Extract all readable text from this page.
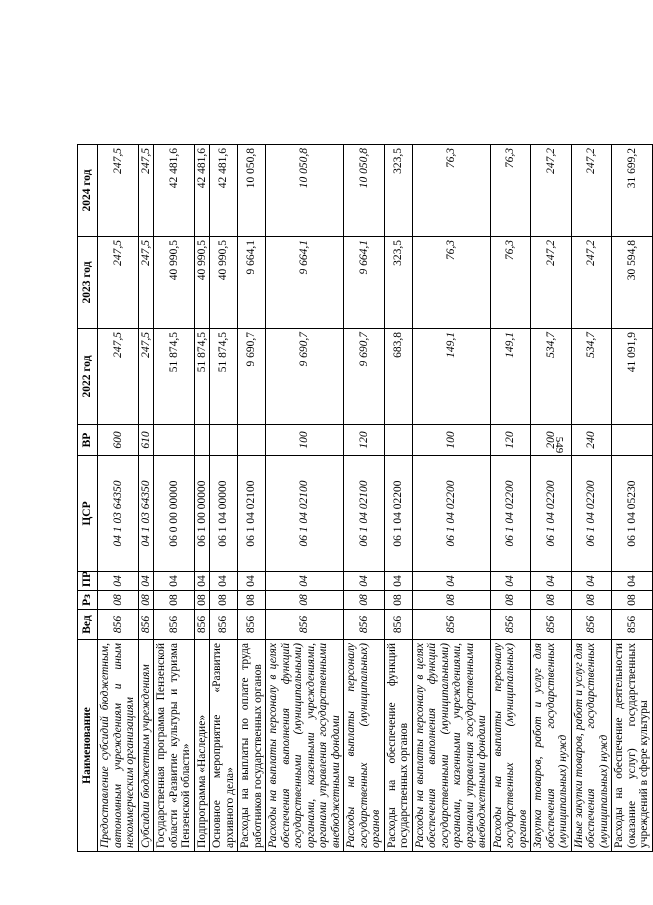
549
Наименование	Вед	Рз	ПР	ЦСР	ВР	2022 год	2023 год	2024 год
Предоставление субсидий бюджетным, автономным учреждениям и иным некоммерческим организациям	856	08	04	04 1 03 64350	600	247,5	247,5	247,5
Субсидии бюджетным учреждениям	856	08	04	04 1 03 64350	610	247,5	247,5	247,5
Государственная программа Пензенской области «Развитие культуры и туризма Пензенской области»	856	08	04	06 0 00 00000		51 874,5	40 990,5	42 481,6
Подпрограмма «Наследие»	856	08	04	06 1 00 00000		51 874,5	40 990,5	42 481,6
Основное мероприятие «Развитие архивного дела»	856	08	04	06 1 04 00000		51 874,5	40 990,5	42 481,6
Расходы на выплаты по оплате труда работников государственных органов	856	08	04	06 1 04 02100		9 690,7	9 664,1	10 050,8
Расходы на выплаты персоналу в целях обеспечения выполнения функций государственными (муниципальными) органами, казенными учреждениями, органами управления государственными внебюджетными фондами	856	08	04	06 1 04 02100	100	9 690,7	9 664,1	10 050,8
Расходы на выплаты персоналу государственных (муниципальных) органов	856	08	04	06 1 04 02100	120	9 690,7	9 664,1	10 050,8
Расходы на обеспечение функций государственных органов	856	08	04	06 1 04 02200		683,8	323,5	323,5
Расходы на выплаты персоналу в целях обеспечения выполнения функций государственными (муниципальными) органами, казенными учреждениями, органами управления государственными внебюджетными фондами	856	08	04	06 1 04 02200	100	149,1	76,3	76,3
Расходы на выплаты персоналу государственных (муниципальных) органов	856	08	04	06 1 04 02200	120	149,1	76,3	76,3
Закупка товаров, работ и услуг для обеспечения государственных (муниципальных) нужд	856	08	04	06 1 04 02200	200	534,7	247,2	247,2
Иные закупки товаров, работ и услуг для обеспечения государственных (муниципальных) нужд	856	08	04	06 1 04 02200	240	534,7	247,2	247,2
Расходы на обеспечение деятельности (оказание услуг) государственных учреждений в сфере культуры	856	08	04	06 1 04 05230		41 091,9	30 594,8	31 699,2
